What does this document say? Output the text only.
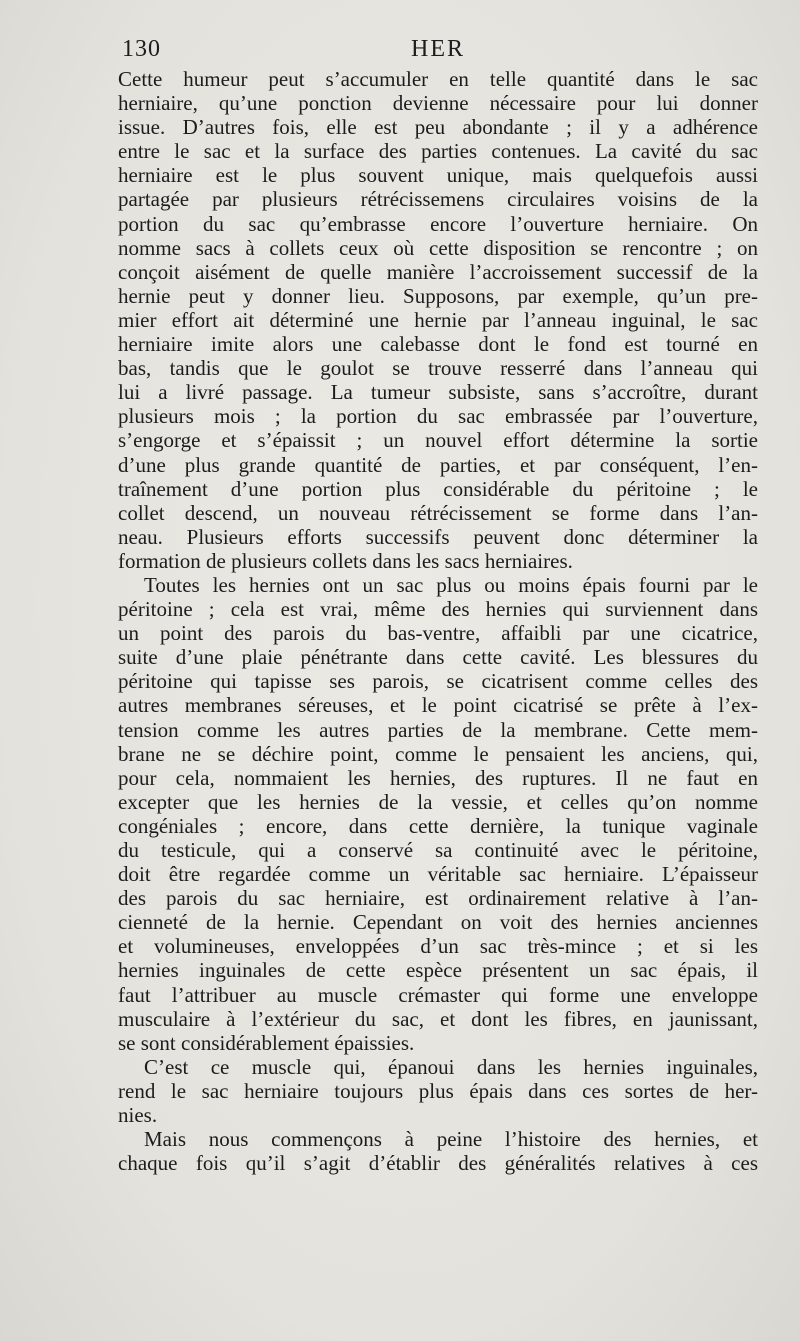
130	HER
Cette humeur peut s’accumuler en telle quantité dans le sac
herniaire, qu’une ponction devienne nécessaire pour lui donner
issue. D’autres fois, elle est peu abondante ; il y a adhérence
entre le sac et la surface des parties contenues. La cavité du sac
herniaire est le plus souvent unique, mais quelquefois aussi
partagée par plusieurs rétrécissemens circulaires voisins de la
portion du sac qu’embrasse encore l’ouverture herniaire. On
nomme sacs à collets ceux où cette disposition se rencontre ; on
conçoit aisément de quelle manière l’accroissement successif de la
hernie peut y donner lieu. Supposons, par exemple, qu’un pre-
mier effort ait déterminé une hernie par l’anneau inguinal, le sac
herniaire imite alors une calebasse dont le fond est tourné en
bas, tandis que le goulot se trouve resserré dans l’anneau qui
lui a livré passage. La tumeur subsiste, sans s’accroître, durant
plusieurs mois ; la portion du sac embrassée par l’ouverture,
s’engorge et s’épaissit ; un nouvel effort détermine la sortie
d’une plus grande quantité de parties, et par conséquent, l’en-
traînement d’une portion plus considérable du péritoine ; le
collet descend, un nouveau rétrécissement se forme dans l’an-
neau. Plusieurs efforts successifs peuvent donc déterminer la
formation de plusieurs collets dans les sacs herniaires.
Toutes les hernies ont un sac plus ou moins épais fourni par le
péritoine ; cela est vrai, même des hernies qui surviennent dans
un point des parois du bas-ventre, affaibli par une cicatrice,
suite d’une plaie pénétrante dans cette cavité. Les blessures du
péritoine qui tapisse ses parois, se cicatrisent comme celles des
autres membranes séreuses, et le point cicatrisé se prête à l’ex-
tension comme les autres parties de la membrane. Cette mem-
brane ne se déchire point, comme le pensaient les anciens, qui,
pour cela, nommaient les hernies, des ruptures. Il ne faut en
excepter que les hernies de la vessie, et celles qu’on nomme
congéniales ; encore, dans cette dernière, la tunique vaginale
du testicule, qui a conservé sa continuité avec le péritoine,
doit être regardée comme un véritable sac herniaire. L’épaisseur
des parois du sac herniaire, est ordinairement relative à l’an-
cienneté de la hernie. Cependant on voit des hernies anciennes
et volumineuses, enveloppées d’un sac très-mince ; et si les
hernies inguinales de cette espèce présentent un sac épais, il
faut l’attribuer au muscle crémaster qui forme une enveloppe
musculaire à l’extérieur du sac, et dont les fibres, en jaunissant,
se sont considérablement épaissies.
C’est ce muscle qui, épanoui dans les hernies inguinales,
rend le sac herniaire toujours plus épais dans ces sortes de her-
nies.
Mais nous commençons à peine l’histoire des hernies, et
chaque fois qu’il s’agit d’établir des généralités relatives à ces
